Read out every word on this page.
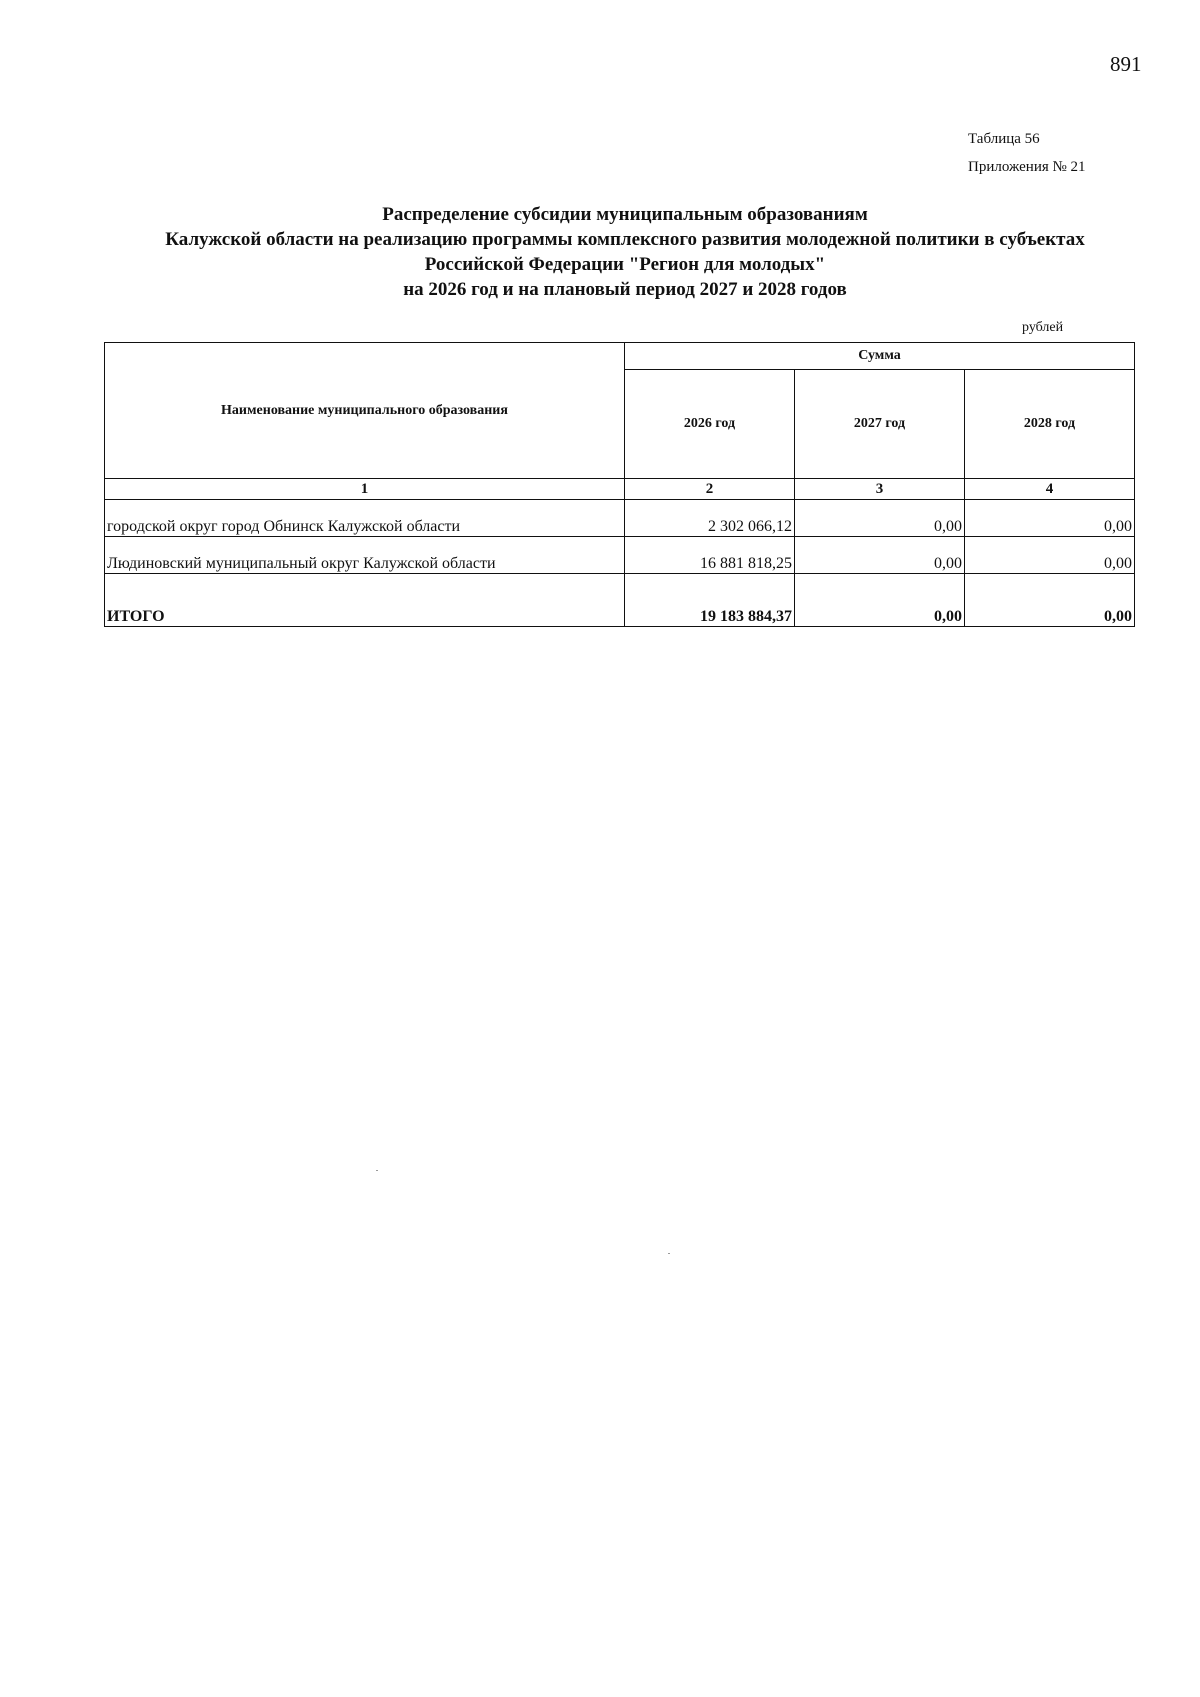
891
Таблица 56
Приложения № 21
Распределение субсидии муниципальным образованиям
Калужской области на реализацию программы комплексного развития молодежной политики в субъектах
Российской Федерации "Регион для молодых"
на 2026 год и на плановый период 2027 и 2028 годов
рублей
Наименование муниципального образования	Сумма		
	2026 год	2027 год	2028 год
1	2	3	4
городской округ город Обнинск Калужской области	2 302 066,12	0,00	0,00
Людиновский муниципальный округ Калужской области	16 881 818,25	0,00	0,00
ИТОГО	19 183 884,37	0,00	0,00
